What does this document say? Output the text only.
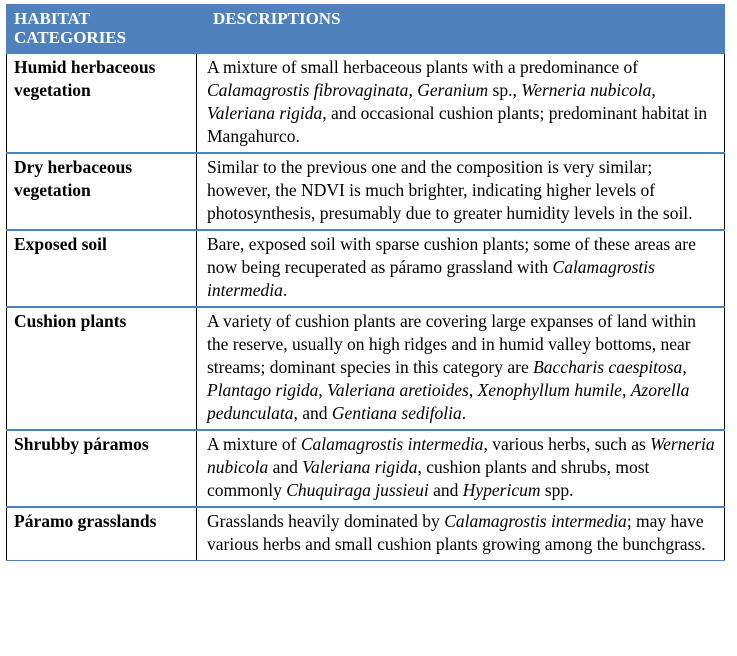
HABITAT CATEGORIES	DESCRIPTIONS
Humid herbaceous vegetation	A mixture of small herbaceous plants with a predominance of Calamagrostis fibrovaginata, Geranium sp., Werneria nubicola, Valeriana rigida, and occasional cushion plants; predominant habitat in Mangahurco.
Dry herbaceous vegetation	Similar to the previous one and the composition is very similar; however, the NDVI is much brighter, indicating higher levels of photosynthesis, presumably due to greater humidity levels in the soil.
Exposed soil	Bare, exposed soil with sparse cushion plants; some of these areas are now being recuperated as páramo grassland with Calamagrostis intermedia.
Cushion plants	A variety of cushion plants are covering large expanses of land within the reserve, usually on high ridges and in humid valley bottoms, near streams; dominant species in this category are Baccharis caespitosa, Plantago rigida, Valeriana aretioides, Xenophyllum humile, Azorella pedunculata, and Gentiana sedifolia.
Shrubby páramos	A mixture of Calamagrostis intermedia, various herbs, such as Werneria nubicola and Valeriana rigida, cushion plants and shrubs, most commonly Chuquiraga jussieui and Hypericum spp.
Páramo grasslands	Grasslands heavily dominated by Calamagrostis intermedia; may have various herbs and small cushion plants growing among the bunchgrass.
